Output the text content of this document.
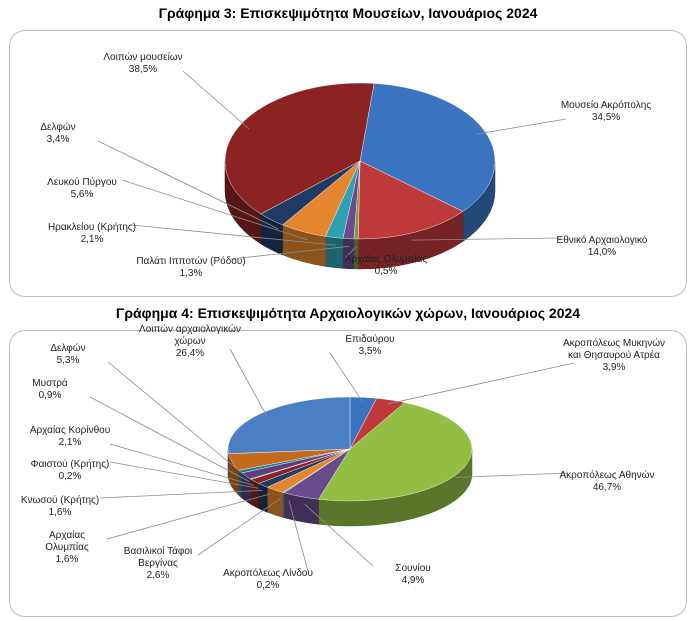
Γράφημα 3: Επισκεψιμότητα Μουσείων, Ιανουάριος 2024
Μουσείο Ακρόπολης 34,5%
Εθνικό Αρχαιολογικό 14,0%
Αρχαίας Ολυμπίας 0,5%
Παλάτι Ιπποτών (Ρόδου) 1,3%
Ηρακλείου (Κρήτης) 2,1%
Λευκού Πύργου 5,6%
Δελφών 3,4%
Λοιπών μουσείων 38,5%
Γράφημα 4: Επισκεψιμότητα Αρχαιολογικών χώρων, Ιανουάριος 2024
Επιδαύρου 3,5%
Ακροπόλεως Μυκηνών και Θησαυρού Ατρέα 3,9%
Ακροπόλεως Αθηνών 46,7%
Σουνίου 4,9%
Ακροπόλεως Λίνδου 0,2%
Βασιλικοί Τάφοι Βεργίνας 2,6%
Αρχαίας Ολυμπίας 1,6%
Κνωσού (Κρήτης) 1,6%
Φαιστού (Κρήτης) 0,2%
Αρχαίας Κορίνθου 2,1%
Μυστρά 0,9%
Δελφών 5,3%
Λοιπών αρχαιολογικών χώρων 26,4%
